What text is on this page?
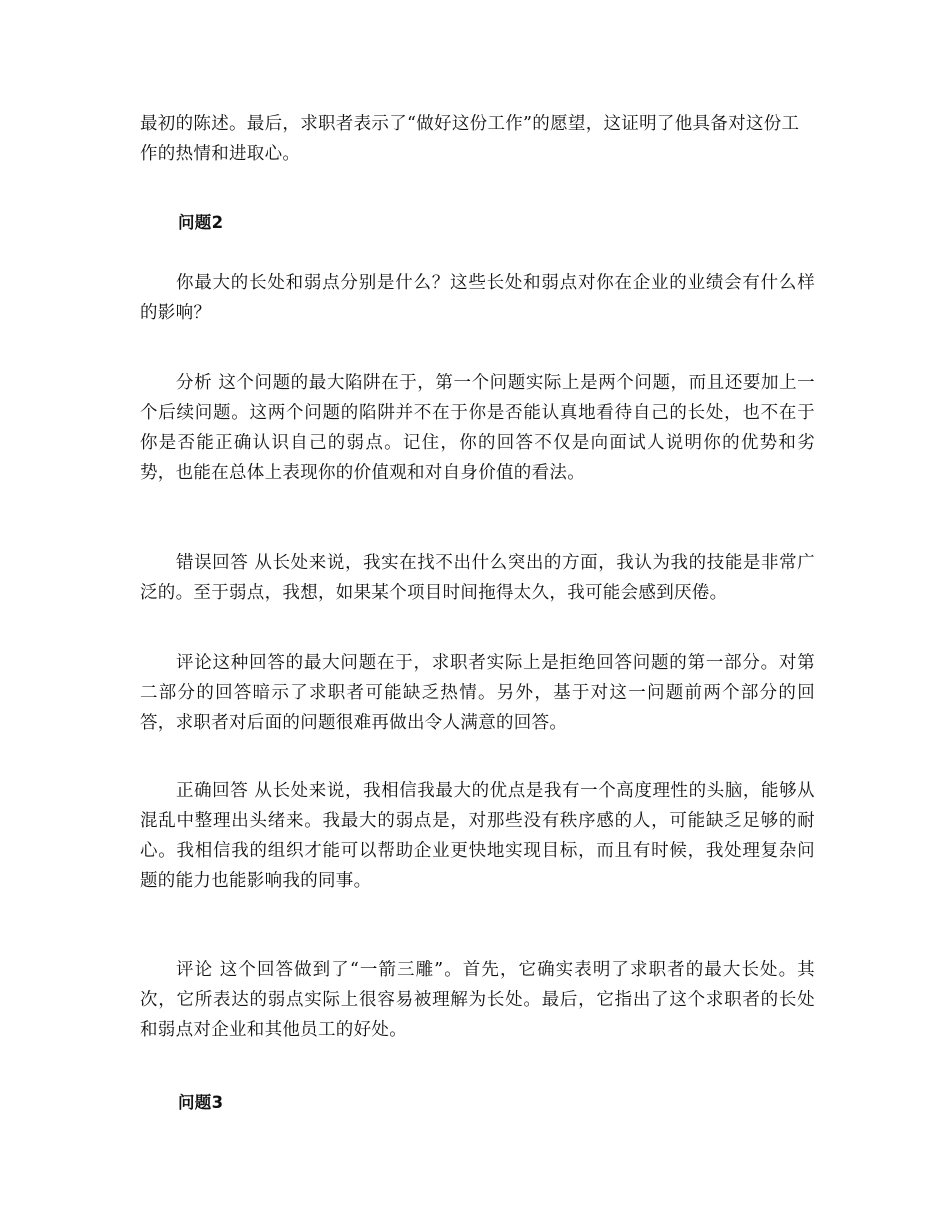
最初的陈述。最后，求职者表示了“做好这份工作”的愿望，这证明了他具备对这份工作的热情和进取心。
问题2
你最大的长处和弱点分别是什么？这些长处和弱点对你在企业的业绩会有什么样的影响？
分析 这个问题的最大陷阱在于，第一个问题实际上是两个问题，而且还要加上一个后续问题。这两个问题的陷阱并不在于你是否能认真地看待自己的长处，也不在于你是否能正确认识自己的弱点。记住，你的回答不仅是向面试人说明你的优势和劣势，也能在总体上表现你的价值观和对自身价值的看法。
错误回答 从长处来说，我实在找不出什么突出的方面，我认为我的技能是非常广泛的。至于弱点，我想，如果某个项目时间拖得太久，我可能会感到厌倦。
评论这种回答的最大问题在于，求职者实际上是拒绝回答问题的第一部分。对第二部分的回答暗示了求职者可能缺乏热情。另外，基于对这一问题前两个部分的回答，求职者对后面的问题很难再做出令人满意的回答。
正确回答 从长处来说，我相信我最大的优点是我有一个高度理性的头脑，能够从混乱中整理出头绪来。我最大的弱点是，对那些没有秩序感的人，可能缺乏足够的耐心。我相信我的组织才能可以帮助企业更快地实现目标，而且有时候，我处理复杂问题的能力也能影响我的同事。
评论 这个回答做到了“一箭三雕”。首先，它确实表明了求职者的最大长处。其次，它所表达的弱点实际上很容易被理解为长处。最后，它指出了这个求职者的长处和弱点对企业和其他员工的好处。
问题3
